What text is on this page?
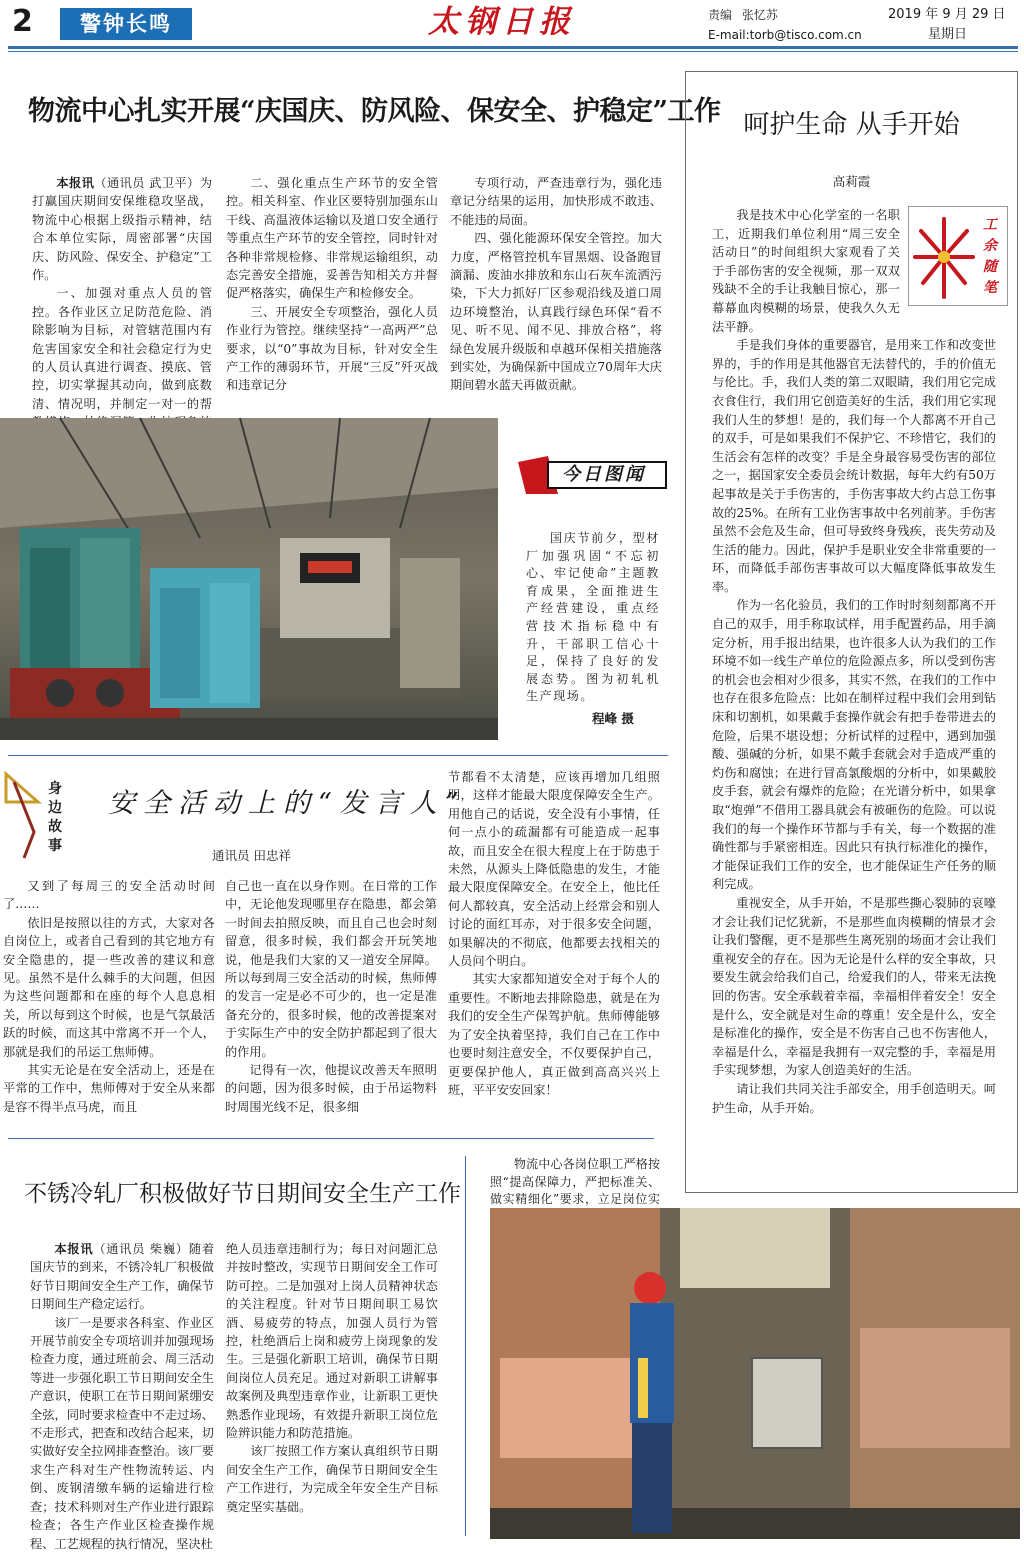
2	警钟长鸣	太钢日报	责编 张忆苏
E-mail:torb@tisco.com.cn
2019 年 9 月 29 日
星期日
物流中心扎实开展“庆国庆、防风险、保安全、护稳定”工作
本报讯（通讯员 武卫平）为打赢国庆期间安保维稳攻坚战，物流中心根据上级指示精神，结合本单位实际，周密部署“庆国庆、防风险、保安全、护稳定”工作。
一、加强对重点人员的管控。各作业区立足防范危险、消除影响为目标，对管辖范围内有危害国家安全和社会稳定行为史的人员认真进行调查、摸底、管控，切实掌握其动向，做到底数清、情况明，并制定一对一的帮
二、强化重点生产环节的安全管控。相关科室、作业区要特别加强东山干线、高温液体运输以及道口安全通行等重点生产环节的安全管控，同时针对各种非常规检修、非常规运输组织，动态完善安全措施，妥善告知相关方并督促严格落实，确保生产和检修安全。
三、开展安全专项整治，强化人员作业行为管控。继续坚持“一高两严”总要求，以“0”事故为目标，针对安全生产工作的薄弱环节，开展“三反”歼灭战和违章记分
专项行动，严查违章行为，强化违章记分结果的运用，加快形成不敢违、不能违的局面。
四、强化能源环保安全管控。加大力度，严格管控机车冒黑烟、设备跑冒滴漏、废油水排放和东山石灰车流洒污染，下大力抓好厂区参观沿线及道口周边环境整治，认真践行绿色环保“看不见、听不见、闻不见、排放合格”，将绿色发展升级版和卓越环保相关措施落到实处，为确保新中国成立70周年大庆期间碧水蓝天再做贡献。
今日图闻
国庆节前夕，型材厂加强巩固“不忘初心、牢记使命”主题教育成果，全面推进生产经营建设，重点经营技术指标稳中有升，干部职工信心十足，保持了良好的发展态势。图为初轧机生产现场。
程峰 摄
身边故事
安全活动上的“发言人”
通讯员 田忠祥
又到了每周三的安全活动时间了……
依旧是按照以往的方式，大家对各自岗位上，或者自己看到的其它地方有安全隐患的，提一些改善的建议和意见。虽然不是什么棘手的大问题，但因为这些问题都和在座的每个人息息相关，所以每到这个时候，也是气氛最活跃的时候，而这其中常离不开一个人，那就是我们的吊运工焦师傅。
其实无论是在安全活动上，还是在平常的工作中，焦师傅对于安全从来都是容不得半点马虎，而且
自己也一直在以身作则。在日常的工作中，无论他发现哪里存在隐患，都会第一时间去拍照反映，而且自己也会时刻留意，很多时候，我们都会开玩笑地说，他是我们大家的又一道安全屏障。所以每到周三安全活动的时候，焦师傅的发言一定是必不可少的，也一定是准备充分的，很多时候，他的改善提案对于实际生产中的安全防护都起到了很大的作用。
记得有一次，他提议改善天车照明的问题，因为很多时候，由于吊运物料时周围光线不足，很多细
节都看不太清楚，应该再增加几组照明，这样才能最大限度保障安全生产。用他自己的话说，安全没有小事情，任何一点小的疏漏都有可能造成一起事故，而且安全在很大程度上在于防患于未然，从源头上降低隐患的发生，才能最大限度保障安全。在安全上，他比任何人都较真，安全活动上经常会和别人讨论的面红耳赤，对于很多安全问题，如果解决的不彻底，他都要去找相关的人员问个明白。
其实大家都知道安全对于每个人的重要性。不断地去排除隐患，就是在为我们的安全生产保驾护航。焦师傅能够为了安全执着坚持，我们自己在工作中也要时刻注意安全，不仅要保护自己，更要保护他人，真正做到高高兴兴上班，平平安安回家！
不锈冷轧厂积极做好节日期间安全生产工作
本报讯（通讯员 柴巍）随着国庆节的到来，不锈冷轧厂积极做好节日期间安全生产工作，确保节日期间生产稳定运行。
该厂一是要求各科室、作业区开展节前安全专项培训并加强现场检查力度，通过班前会、周三活动等进一步强化职工节日期间安全生产意识，使职工在节日期间紧绷安全弦，同时要求检查中不走过场、不走形式，把查和改结合起来，切实做好安全拉网排查整治。该厂要求生产科对生产性物流转运、内倒、废钢清缴车辆的运输进行检查；技术科则对生产作业进行跟踪检查；各生产作业区检查操作规程、工艺规程的执行情况，坚决杜
绝人员违章违制行为；每日对问题汇总并按时整改，实现节日期间安全工作可防可控。二是加强对上岗人员精神状态的关注程度。针对节日期间职工易饮酒、易疲劳的特点，加强人员行为管控，杜绝酒后上岗和疲劳上岗现象的发生。三是强化新职工培训，确保节日期间岗位人员充足。通过对新职工讲解事故案例及典型违章作业，让新职工更快熟悉作业现场，有效提升新职工岗位危险辨识能力和防范措施。
该厂按照工作方案认真组织节日期间安全生产工作，确保节日期间安全生产工作进行，为完成全年安全生产目标奠定坚实基础。
物流中心各岗位职工严格按照“提高保障力，严把标准关、做实精细化”要求，立足岗位实
呵护生命 从手开始
高莉霞
工余随笔
我是技术中心化学室的一名职工，近期我们单位利用“周三安全活动日”的时间组织大家观看了关于手部伤害的安全视频，那一双双残缺不全的手让我触目惊心，那一幕幕血肉模糊的场景，使我久久无法平静。
手是我们身体的重要器官，是用来工作和改变世界的，手的作用是其他器官无法替代的，手的价值无与伦比。手，我们人类的第二双眼睛，我们用它完成衣食住行，我们用它创造美好的生活，我们用它实现我们人生的梦想！是的，我们每一个人都离不开自己的双手，可是如果我们不保护它、不珍惜它，我们的生活会有怎样的改变？手是全身最容易受伤害的部位之一，据国家安全委员会统计数据，每年大约有50万起事故是关于手伤害的，手伤害事故大约占总工伤事故的25%。在所有工业伤害事故中名列前茅。手伤害虽然不会危及生命，但可导致终身残疾，丧失劳动及生活的能力。因此，保护手是职业安全非常重要的一环，而降低手部伤害事故可以大幅度降低事故发生率。
作为一名化验员，我们的工作时时刻刻都离不开自己的双手，用手称取试样，用手配置药品，用手滴定分析，用手报出结果，也许很多人认为我们的工作环境不如一线生产单位的危险源点多，所以受到伤害的机会也会相对少很多，其实不然，在我们的工作中也存在很多危险点：比如在制样过程中我们会用到钻床和切割机，如果戴手套操作就会有把手卷带进去的危险，后果不堪设想；分析试样的过程中，遇到加强酸、强碱的分析，如果不戴手套就会对手造成严重的灼伤和腐蚀；在进行冒高氯酸烟的分析中，如果戴胶皮手套，就会有爆炸的危险；在光谱分析中，如果拿取“炮弹”不借用工器具就会有被砸伤的危险。可以说我们的每一个操作环节都与手有关，每一个数据的准确性都与手紧密相连。因此只有执行标准化的操作，才能保证我们工作的安全，也才能保证生产任务的顺利完成。
重视安全，从手开始，不是那些撕心裂肺的哀嚎才会让我们记忆犹新，不是那些血肉模糊的情景才会让我们警醒，更不是那些生离死别的场面才会让我们重视安全的存在。因为无论是什么样的安全事故，只要发生就会给我们自己，给爱我们的人，带来无法挽回的伤害。安全承载着幸福，幸福相伴着安全！安全是什么，安全就是对生命的尊重！安全是什么，安全是标准化的操作，安全是不伤害自己也不伤害他人，幸福是什么，幸福是我拥有一双完整的手，幸福是用手实现梦想，为家人创造美好的生活。
请让我们共同关注手部安全，用手创造明天。呵护生命，从手开始。
